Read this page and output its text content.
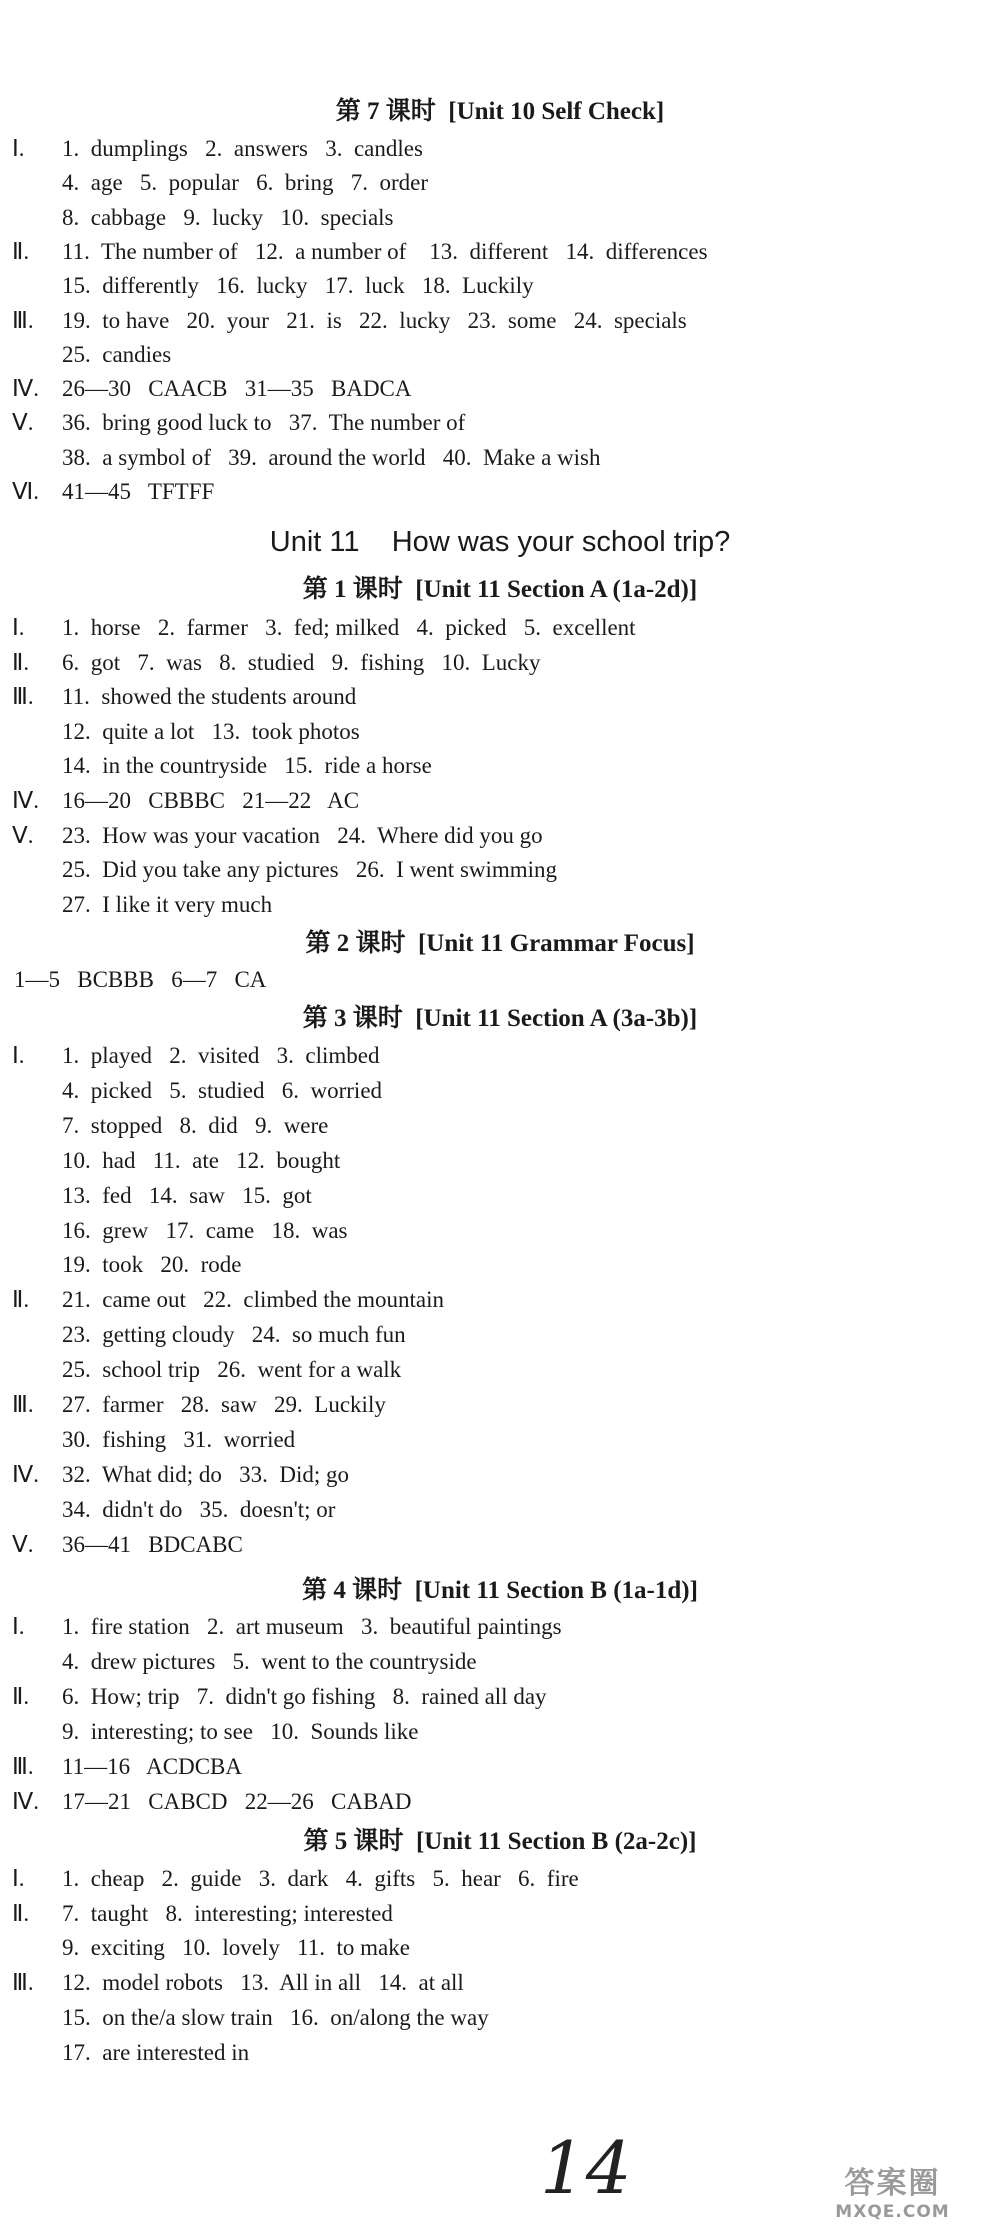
第 7 课时  [Unit 10 Self Check]
Ⅰ. 1.  dumplings   2.  answers   3.  candles
4.  age   5.  popular   6.  bring   7.  order
8.  cabbage   9.  lucky   10.  specials
Ⅱ. 11.  The number of   12.  a number of    13.  different   14.  differences
15.  differently   16.  lucky   17.  luck   18.  Luckily
Ⅲ. 19.  to have   20.  your   21.  is   22.  lucky   23.  some   24.  specials
25.  candies
Ⅳ. 26—30   CAACB   31—35   BADCA
Ⅴ. 36.  bring good luck to   37.  The number of
38.  a symbol of   39.  around the world   40.  Make a wish
Ⅵ. 41—45   TFTFF
Unit 11    How was your school trip?
第 1 课时  [Unit 11 Section A (1a-2d)]
Ⅰ. 1.  horse   2.  farmer   3.  fed; milked   4.  picked   5.  excellent
Ⅱ. 6.  got   7.  was   8.  studied   9.  fishing   10.  Lucky
Ⅲ. 11.  showed the students around
12.  quite a lot   13.  took photos
14.  in the countryside   15.  ride a horse
Ⅳ. 16—20   CBBBC   21—22   AC
Ⅴ. 23.  How was your vacation   24.  Where did you go
25.  Did you take any pictures   26.  I went swimming
27.  I like it very much
第 2 课时  [Unit 11 Grammar Focus]
1—5   BCBBB   6—7   CA
第 3 课时  [Unit 11 Section A (3a-3b)]
Ⅰ. 1.  played   2.  visited   3.  climbed
4.  picked   5.  studied   6.  worried
7.  stopped   8.  did   9.  were
10.  had   11.  ate   12.  bought
13.  fed   14.  saw   15.  got
16.  grew   17.  came   18.  was
19.  took   20.  rode
Ⅱ. 21.  came out   22.  climbed the mountain
23.  getting cloudy   24.  so much fun
25.  school trip   26.  went for a walk
Ⅲ. 27.  farmer   28.  saw   29.  Luckily
30.  fishing   31.  worried
Ⅳ. 32.  What did; do   33.  Did; go
34.  didn't do   35.  doesn't; or
Ⅴ. 36—41   BDCABC
第 4 课时  [Unit 11 Section B (1a-1d)]
Ⅰ. 1.  fire station   2.  art museum   3.  beautiful paintings
4.  drew pictures   5.  went to the countryside
Ⅱ. 6.  How; trip   7.  didn't go fishing   8.  rained all day
9.  interesting; to see   10.  Sounds like
Ⅲ. 11—16   ACDCBA
Ⅳ. 17—21   CABCD   22—26   CABAD
第 5 课时  [Unit 11 Section B (2a-2c)]
Ⅰ. 1.  cheap   2.  guide   3.  dark   4.  gifts   5.  hear   6.  fire
Ⅱ. 7.  taught   8.  interesting; interested
9.  exciting   10.  lovely   11.  to make
Ⅲ. 12.  model robots   13.  All in all   14.  at all
15.  on the/a slow train   16.  on/along the way
17.  are interested in
14	答案圈
MXQE.COM
